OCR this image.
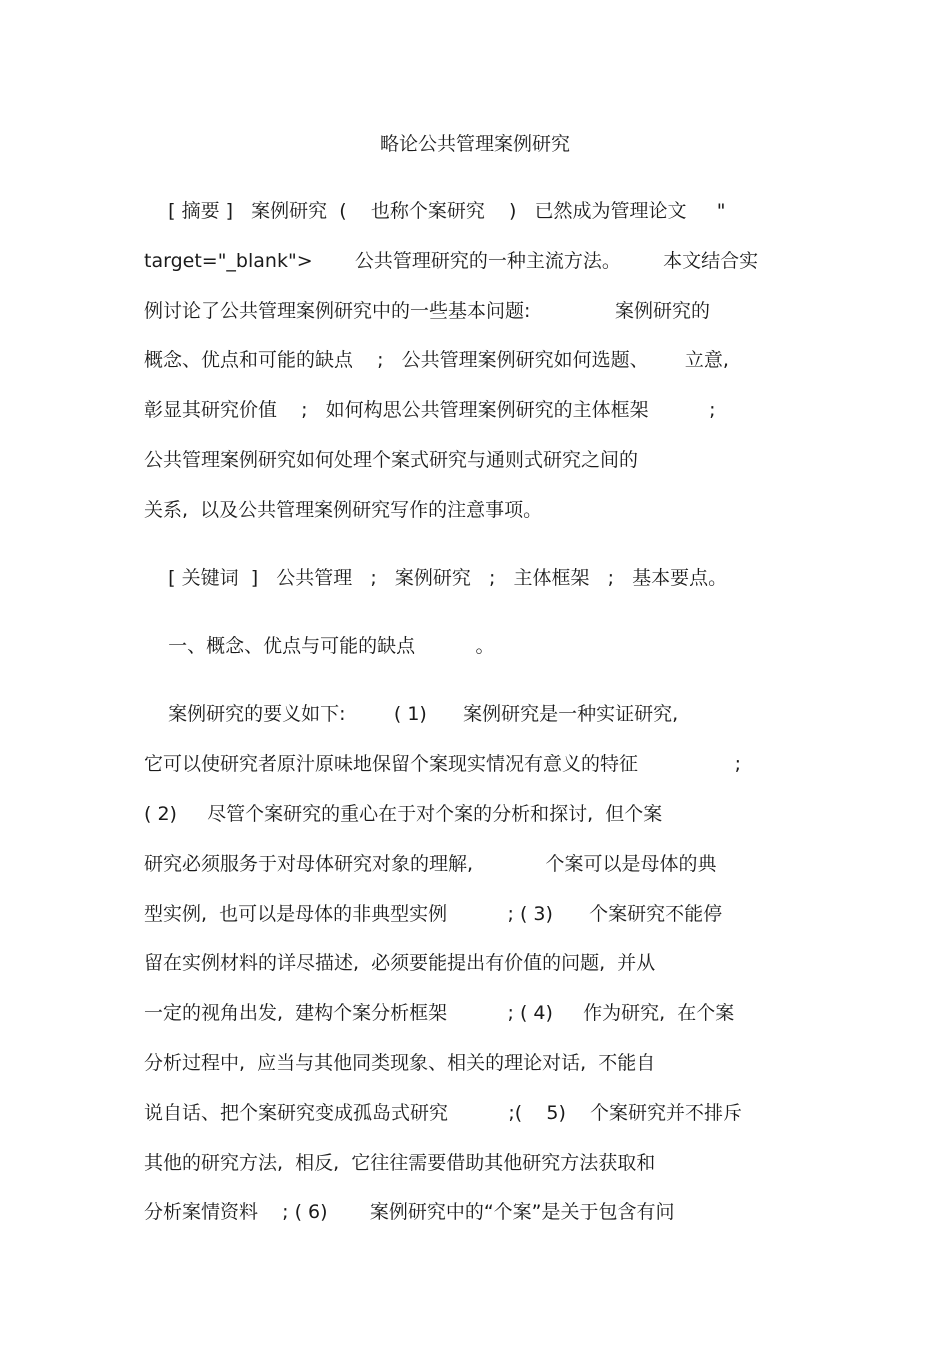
略论公共管理案例研究
[ 摘要 ]   案例研究  (    也称个案研究    )   已然成为管理论文     "
target="_blank">       公共管理研究的一种主流方法。       本文结合实
例讨论了公共管理案例研究中的一些基本问题:              案例研究的
概念、优点和可能的缺点    ;   公共管理案例研究如何选题、      立意,
彰显其研究价值    ;   如何构思公共管理案例研究的主体框架          ;
公共管理案例研究如何处理个案式研究与通则式研究之间的
关系,  以及公共管理案例研究写作的注意事项。
[ 关键词  ]   公共管理   ;   案例研究   ;   主体框架   ;   基本要点。
一、概念、优点与可能的缺点          。
案例研究的要义如下:        ( 1)      案例研究是一种实证研究,
它可以使研究者原汁原味地保留个案现实情况有意义的特征                ;
( 2)     尽管个案研究的重心在于对个案的分析和探讨,  但个案
研究必须服务于对母体研究对象的理解,            个案可以是母体的典
型实例,  也可以是母体的非典型实例          ; ( 3)      个案研究不能停
留在实例材料的详尽描述,  必须要能提出有价值的问题,  并从
一定的视角出发,  建构个案分析框架          ; ( 4)     作为研究,  在个案
分析过程中,  应当与其他同类现象、相关的理论对话,  不能自
说自话、把个案研究变成孤岛式研究          ;(    5)    个案研究并不排斥
其他的研究方法,  相反,  它往往需要借助其他研究方法获取和
分析案情资料    ; ( 6)       案例研究中的“个案”是关于包含有问
